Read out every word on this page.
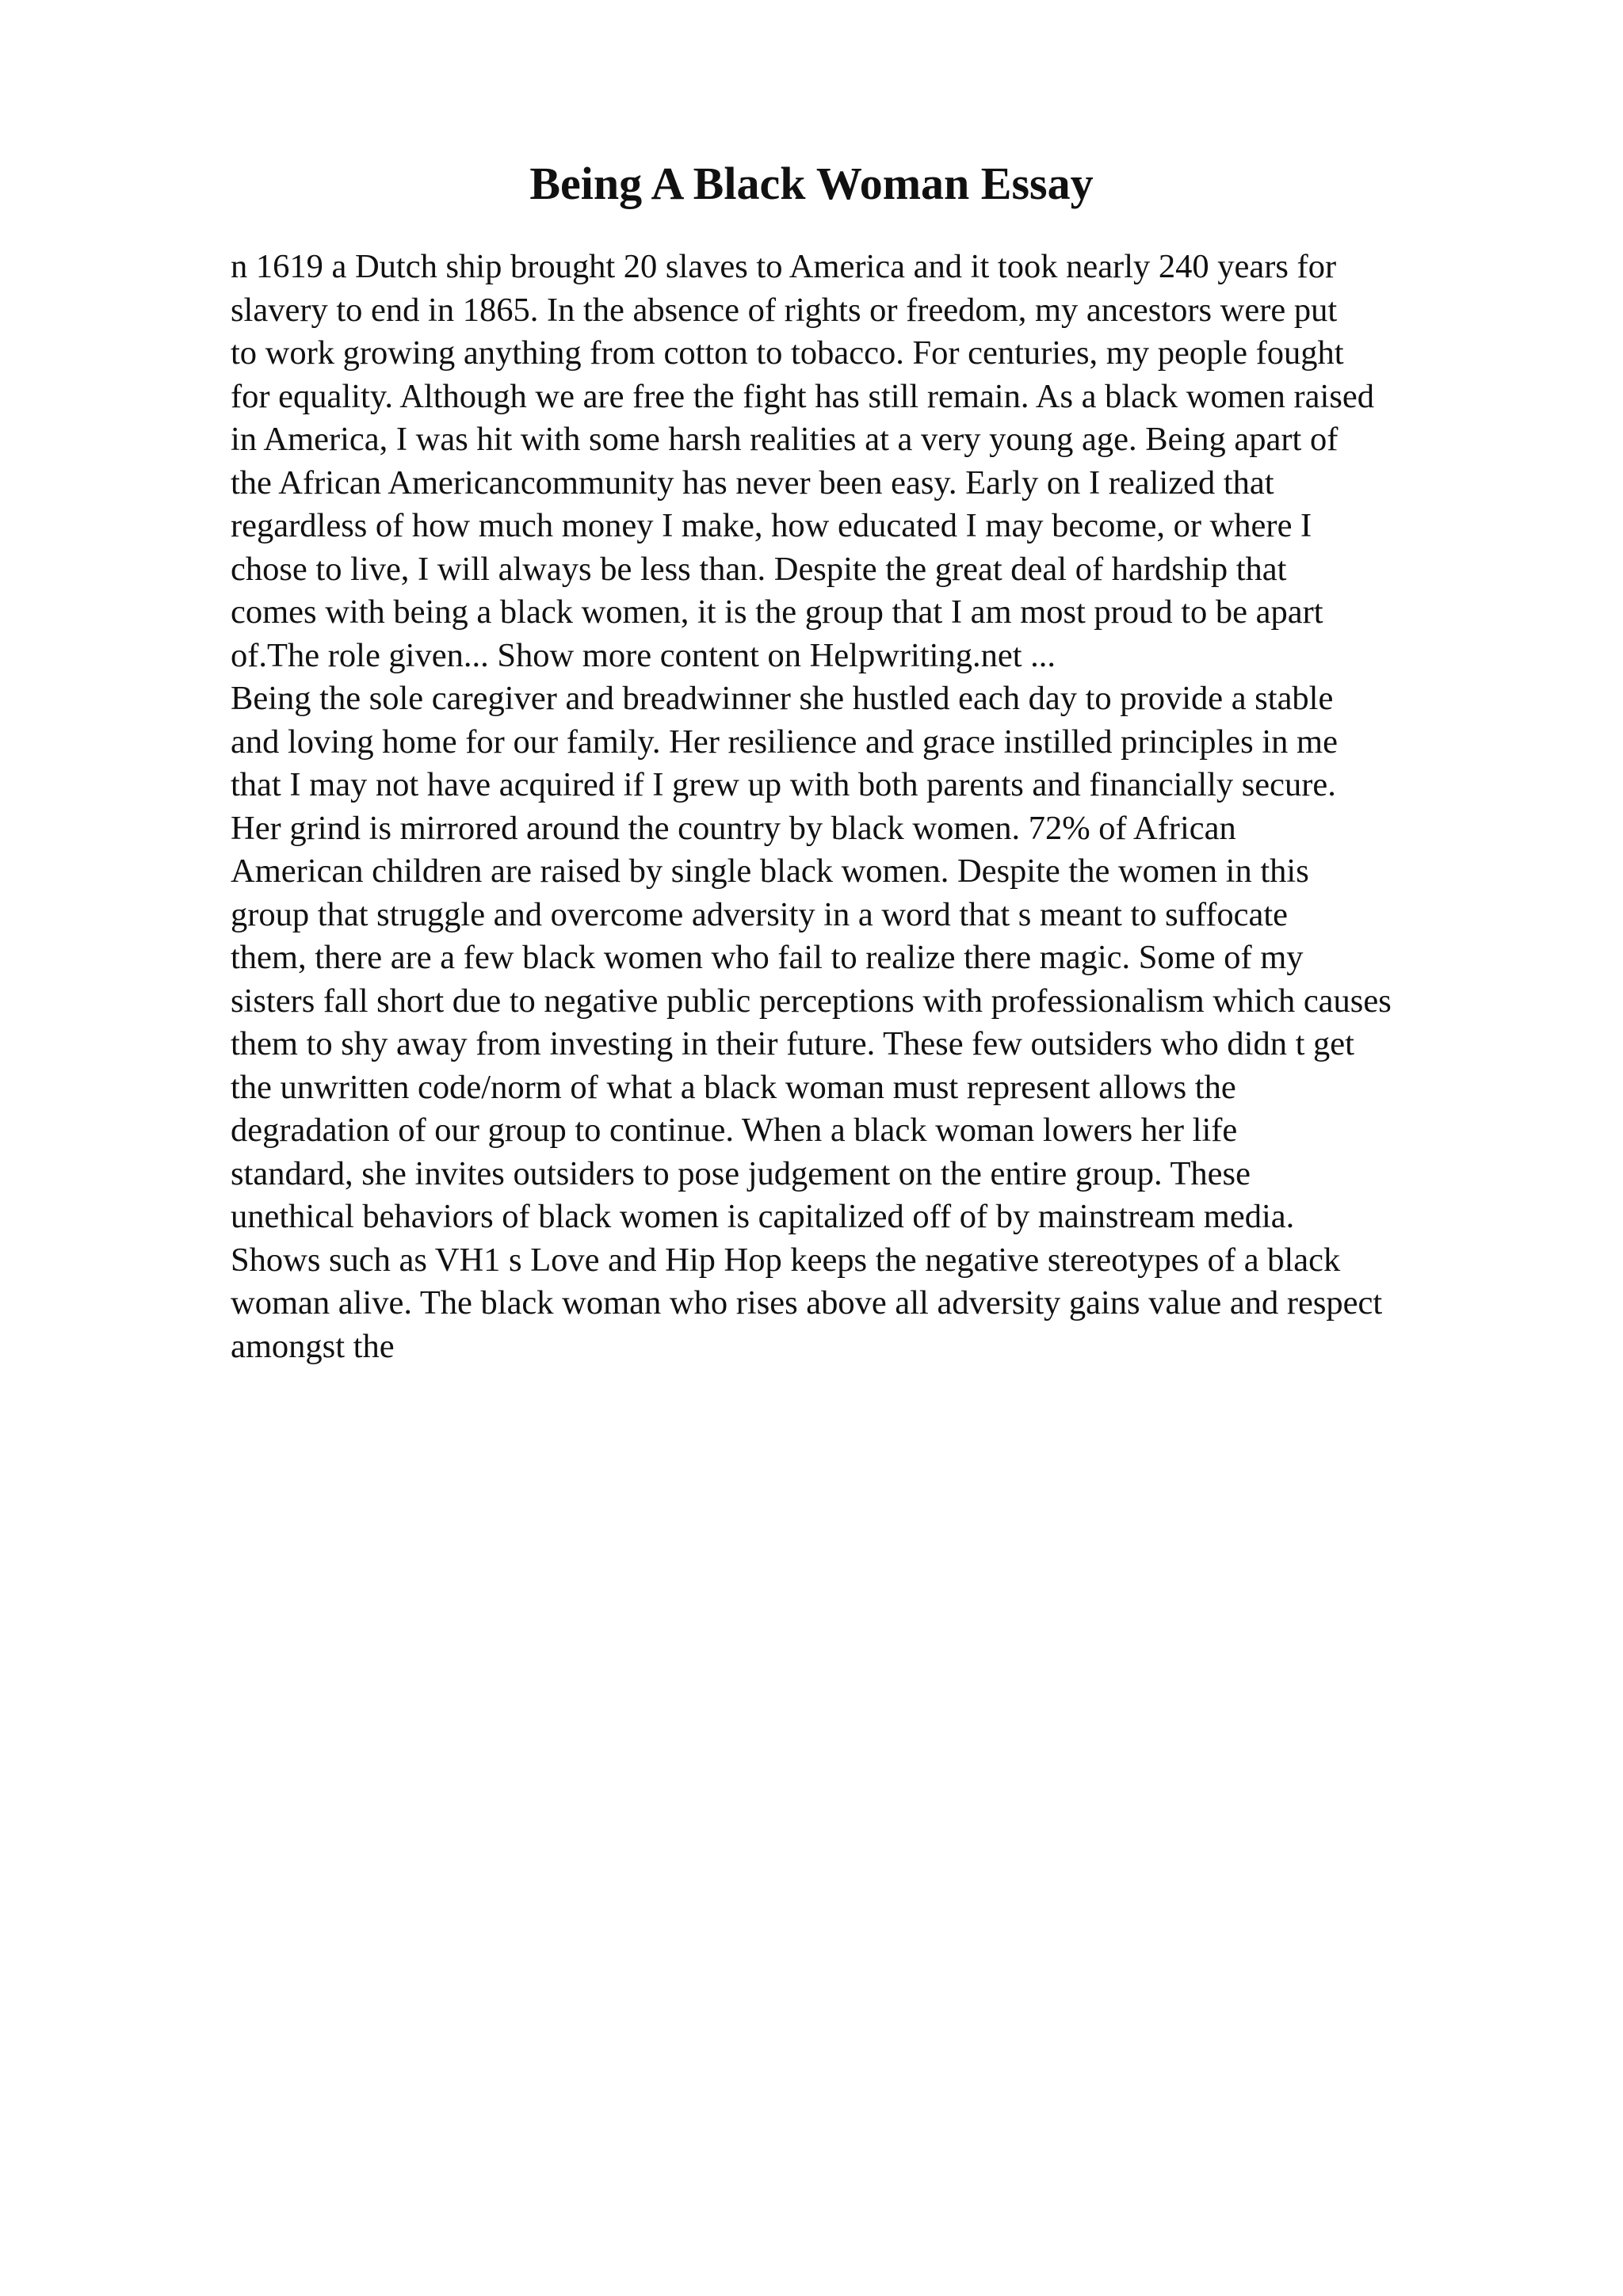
Being A Black Woman Essay
n 1619 a Dutch ship brought 20 slaves to America and it took nearly 240 years for
slavery to end in 1865. In the absence of rights or freedom, my ancestors were put
to work growing anything from cotton to tobacco. For centuries, my people fought
for equality. Although we are free the fight has still remain. As a black women raised
in America, I was hit with some harsh realities at a very young age. Being apart of
the African Americancommunity has never been easy. Early on I realized that
regardless of how much money I make, how educated I may become, or where I
chose to live, I will always be less than. Despite the great deal of hardship that
comes with being a black women, it is the group that I am most proud to be apart
of.The role given... Show more content on Helpwriting.net ...
Being the sole caregiver and breadwinner she hustled each day to provide a stable
and loving home for our family. Her resilience and grace instilled principles in me
that I may not have acquired if I grew up with both parents and financially secure.
Her grind is mirrored around the country by black women. 72% of African
American children are raised by single black women. Despite the women in this
group that struggle and overcome adversity in a word that s meant to suffocate
them, there are a few black women who fail to realize there magic. Some of my
sisters fall short due to negative public perceptions with professionalism which causes
them to shy away from investing in their future. These few outsiders who didn t get
the unwritten code/norm of what a black woman must represent allows the
degradation of our group to continue. When a black woman lowers her life
standard, she invites outsiders to pose judgement on the entire group. These
unethical behaviors of black women is capitalized off of by mainstream media.
Shows such as VH1 s Love and Hip Hop keeps the negative stereotypes of a black
woman alive. The black woman who rises above all adversity gains value and respect
amongst the
